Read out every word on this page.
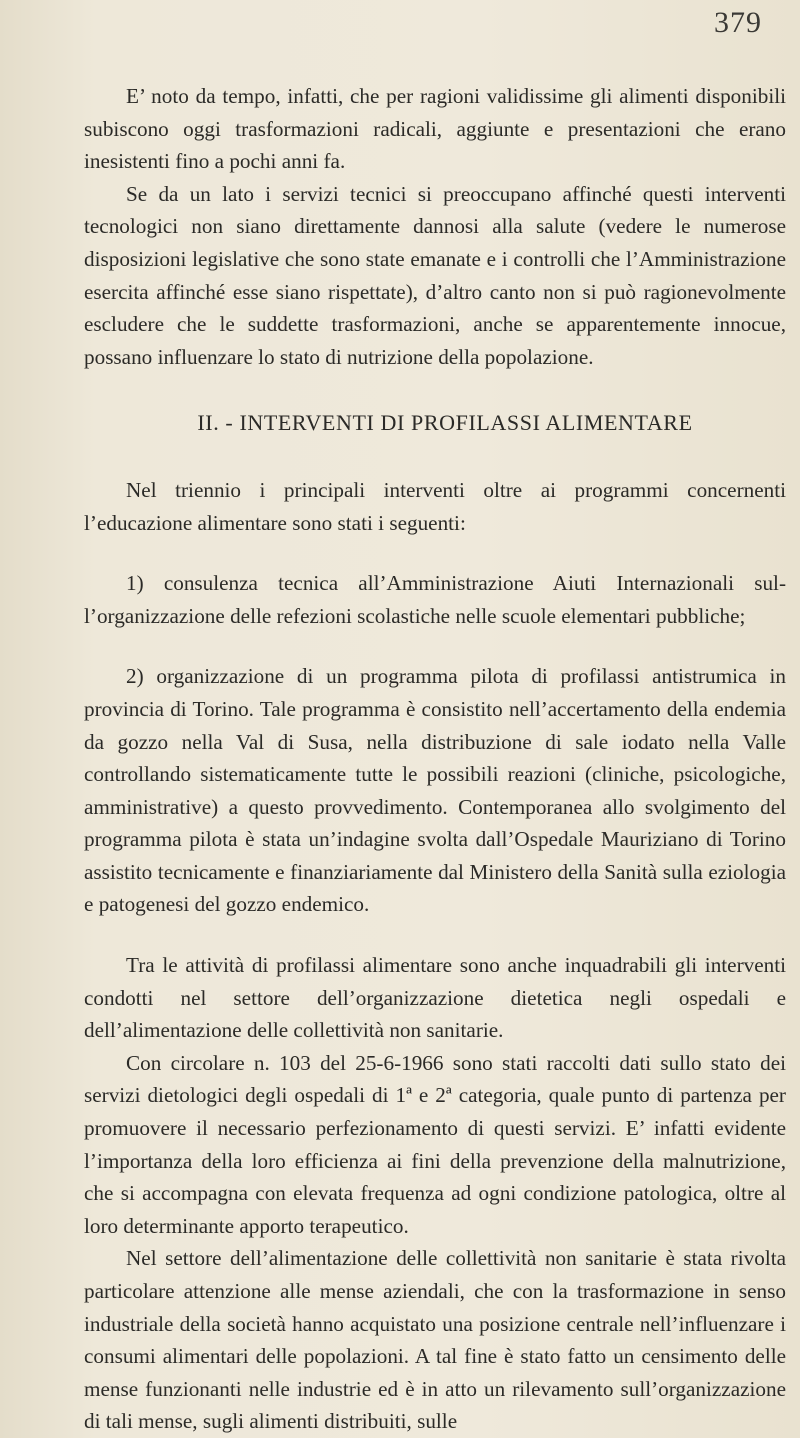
379

E’ noto da tempo, infatti, che per ragioni validissime gli alimenti disponibili subiscono oggi trasformazioni radicali, aggiunte e presentazioni che erano inesistenti fino a pochi anni fa.

Se da un lato i servizi tecnici si preoccupano affinché questi interventi tecnologici non siano direttamente dannosi alla salute (vedere le numerose disposizioni legislative che sono state emanate e i controlli che l’Amministrazione esercita affinché esse siano rispettate), d’altro canto non si può ragionevolmente escludere che le suddette trasformazioni, anche se apparentemente innocue, possano influenzare lo stato di nutrizione della popolazione.

II. - INTERVENTI DI PROFILASSI ALIMENTARE

Nel triennio i principali interventi oltre ai programmi concernenti l’educazione alimentare sono stati i seguenti:

1) consulenza tecnica all’Amministrazione Aiuti Internazionali sull’organizzazione delle refezioni scolastiche nelle scuole elementari pubbliche;

2) organizzazione di un programma pilota di profilassi antistrumica in provincia di Torino. Tale programma è consistito nell’accertamento della endemia da gozzo nella Val di Susa, nella distribuzione di sale iodato nella Valle controllando sistematicamente tutte le possibili reazioni (cliniche, psicologiche, amministrative) a questo provvedimento. Contemporanea allo svolgimento del programma pilota è stata un’indagine svolta dall’Ospedale Mauriziano di Torino assistito tecnicamente e finanziariamente dal Ministero della Sanità sulla eziologia e patogenesi del gozzo endemico.

Tra le attività di profilassi alimentare sono anche inquadrabili gli interventi condotti nel settore dell’organizzazione dietetica negli ospedali e dell’alimentazione delle collettività non sanitarie.

Con circolare n. 103 del 25-6-1966 sono stati raccolti dati sullo stato dei servizi dietologici degli ospedali di 1ª e 2ª categoria, quale punto di partenza per promuovere il necessario perfezionamento di questi servizi. E’ infatti evidente l’importanza della loro efficienza ai fini della prevenzione della malnutrizione, che si accompagna con elevata frequenza ad ogni condizione patologica, oltre al loro determinante apporto terapeutico.

Nel settore dell’alimentazione delle collettività non sanitarie è stata rivolta particolare attenzione alle mense aziendali, che con la trasformazione in senso industriale della società hanno acquistato una posizione centrale nell’influenzare i consumi alimentari delle popolazioni. A tal fine è stato fatto un censimento delle mense funzionanti nelle industrie ed è in atto un rilevamento sull’organizzazione di tali mense, sugli alimenti distribuiti, sulle
